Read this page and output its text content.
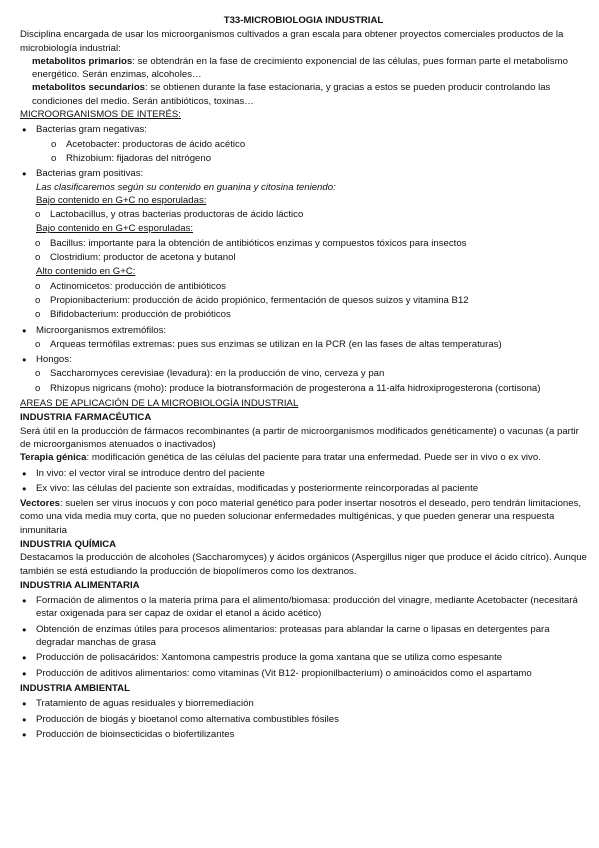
T33-MICROBIOLOGIA INDUSTRIAL

Disciplina encargada de usar los microorganismos cultivados a gran escala para obtener proyectos comerciales productos de la microbiología industrial:

metabolitos primarios: se obtendrán en la fase de crecimiento exponencial de las células, pues forman parte el metabolismo energético. Serán enzimas, alcoholes…

metabolitos secundarios: se obtienen durante la fase estacionaria, y gracias a estos se pueden producir controlando las condiciones del medio. Serán antibióticos, toxinas…

MICROORGANISMOS DE INTERÉS:

● Bacterias gram negativas:
o Acetobacter: productoras de ácido acético
o Rhizobium: fijadoras del nitrógeno
● Bacterias gram positivas:
Las clasificaremos según su contenido en guanina y citosina teniendo:
Bajo contenido en G+C no esporuladas:
o Lactobacillus, y otras bacterias productoras de ácido láctico
Bajo contenido en G+C esporuladas:
o Bacillus: importante para la obtención de antibióticos enzimas y compuestos tóxicos para insectos
o Clostridium: productor de acetona y butanol
Alto contenido en G+C:
o Actinomicetos: producción de antibióticos
o Propionibacterium: producción de ácido propiónico, fermentación de quesos suizos y vitamina B12
o Bifidobacterium: producción de probióticos
● Microorganismos extremófilos:
o Arqueas termófilas extremas: pues sus enzimas se utilizan en la PCR (en las fases de altas temperaturas)
● Hongos:
o Saccharomyces cerevisiae (levadura): en la producción de vino, cerveza y pan
o Rhizopus nigricans (moho): produce la biotransformación de progesterona a 11-alfa hidroxiprogesterona (cortisona)

AREAS DE APLICACIÓN DE LA MICROBIOLOGÍA INDUSTRIAL

INDUSTRIA FARMACÉUTICA

Será útil en la producción de fármacos recombinantes (a partir de microorganismos modificados genéticamente) o vacunas (a partir de microorganismos atenuados o inactivados)

Terapia génica: modificación genética de las células del paciente para tratar una enfermedad. Puede ser in vivo o ex vivo.

● In vivo: el vector viral se introduce dentro del paciente
● Ex vivo: las células del paciente son extraídas, modificadas y posteriormente reincorporadas al paciente

Vectores: suelen ser virus inocuos y con poco material genético para poder insertar nosotros el deseado, pero tendrán limitaciones, como una vida media muy corta, que no pueden solucionar enfermedades multigénicas, y que pueden generar una respuesta inmunitaria

INDUSTRIA QUÍMICA

Destacamos la producción de alcoholes (Saccharomyces) y ácidos orgánicos (Aspergillus niger que produce el ácido cítrico). Aunque también se está estudiando la producción de biopolímeros como los dextranos.

INDUSTRIA ALIMENTARIA

● Formación de alimentos o la materia prima para el alimento/biomasa: producción del vinagre, mediante Acetobacter (necesitará estar oxigenada para ser capaz de oxidar el etanol a ácido acético)
● Obtención de enzimas útiles para procesos alimentarios: proteasas para ablandar la carne o lipasas en detergentes para degradar manchas de grasa
● Producción de polisacáridos: Xantomona campestris produce la goma xantana que se utiliza como espesante
● Producción de aditivos alimentarios: como vitaminas (Vit B12- propionilbacterium) o aminoácidos como el aspartamo

INDUSTRIA AMBIENTAL

● Tratamiento de aguas residuales y biorremediación
● Producción de biogás y bioetanol como alternativa combustibles fósiles
● Producción de bioinsecticidas o biofertilizantes
